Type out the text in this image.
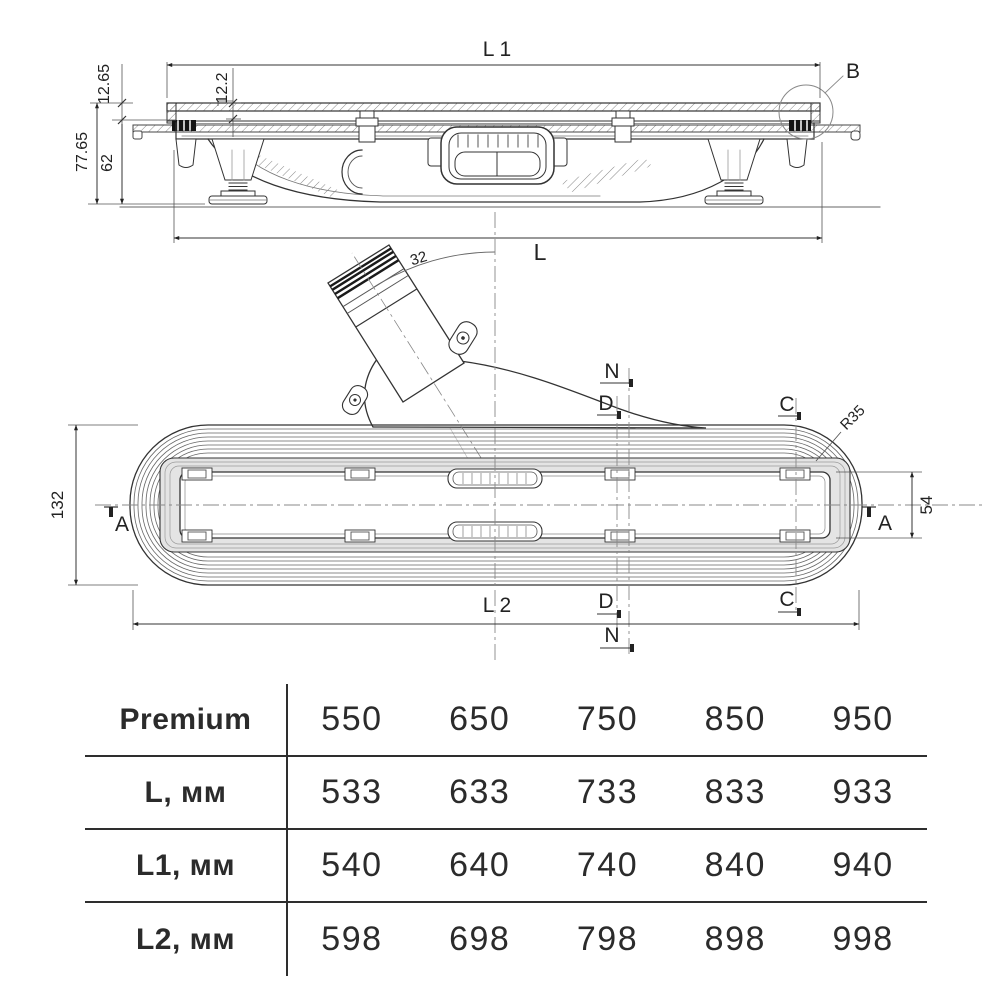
B
L 1
12.2
12.65
62
77.65
L
32
132	54
R35
L 2
A	A
N
D	C
D
N
C
Premium	550	650	750	850	950
L, мм	533	633	733	833	933
L1, мм	540	640	740	840	940
L2, мм	598	698	798	898	998
